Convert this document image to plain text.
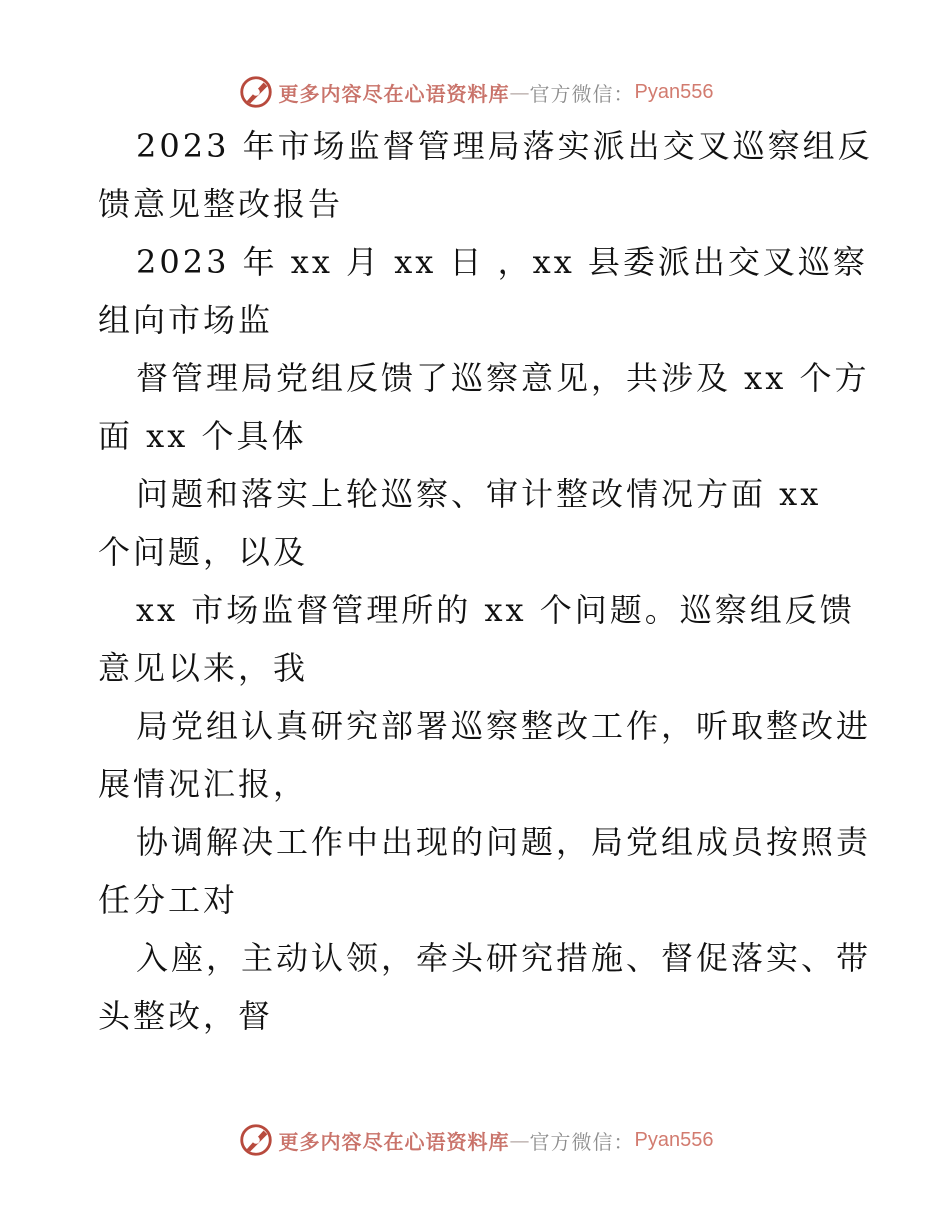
更多内容尽在心语资料库 — 官方微信： Pyan556
2023 年市场监督管理局落实派出交叉巡察组反
馈意见整改报告
2023 年 xx 月 xx 日 ，xx 县委派出交叉巡察
组向市场监
督管理局党组反馈了巡察意见，共涉及 xx 个方
面 xx 个具体
问题和落实上轮巡察、审计整改情况方面 xx
个问题，以及
xx 市场监督管理所的 xx 个问题。巡察组反馈
意见以来，我
局党组认真研究部署巡察整改工作，听取整改进
展情况汇报，
协调解决工作中出现的问题，局党组成员按照责
任分工对
入座，主动认领，牵头研究措施、督促落实、带
头整改，督
更多内容尽在心语资料库 — 官方微信： Pyan556
